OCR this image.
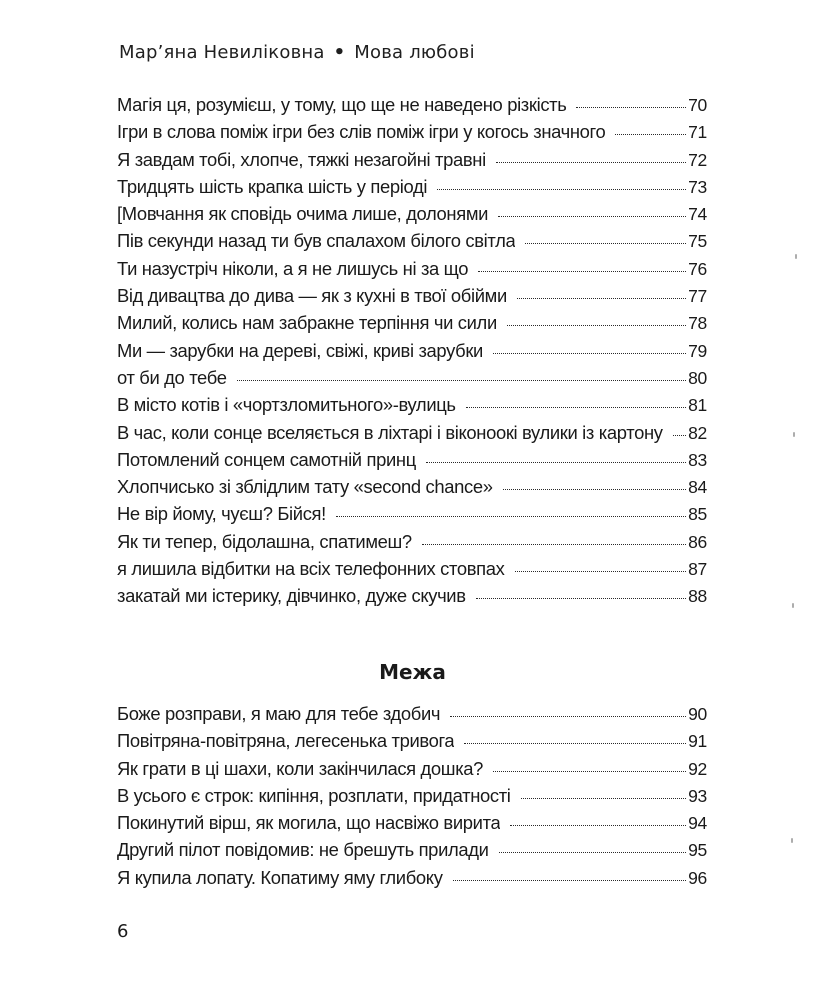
Мар’яна Невиліковна • Мова любові
Магія ця, розумієш, у тому, що ще не наведено різкість	70
Ігри в слова поміж ігри без слів поміж ігри у когось значного	71
Я завдам тобі, хлопче, тяжкі незагойні травні	72
Тридцять шість крапка шість у періоді	73
[Мовчання як сповідь очима лише, долонями	74
Пів секунди назад ти був спалахом білого світла	75
Ти назустріч ніколи, а я не лишусь ні за що	76
Від дивацтва до дива — як з кухні в твої обійми	77
Милий, колись нам забракне терпіння чи сили	78
Ми — зарубки на дереві, свіжі, криві зарубки	79
от би до тебе	80
В місто котів і «чортзломитьного»-вулиць	81
В час, коли сонце вселяється в ліхтарі і віконоокі вулики із картону 82
Потомлений сонцем самотній принц	83
Хлопчисько зі зблідлим тату «second chance»	84
Не вір йому, чуєш? Бійся!	85
Як ти тепер, бідолашна, спатимеш?	86
я лишила відбитки на всіх телефонних стовпах	87
закатай ми істерику, дівчинко, дуже скучив	88
Межа
Боже розправи, я маю для тебе здобич	90
Повітряна-повітряна, легесенька тривога	91
Як грати в ці шахи, коли закінчилася дошка?	92
В усього є строк: кипіння, розплати, придатності	93
Покинутий вірш, як могила, що насвіжо вирита	94
Другий пілот повідомив: не брешуть прилади	95
Я купила лопату. Копатиму яму глибоку	96
6
